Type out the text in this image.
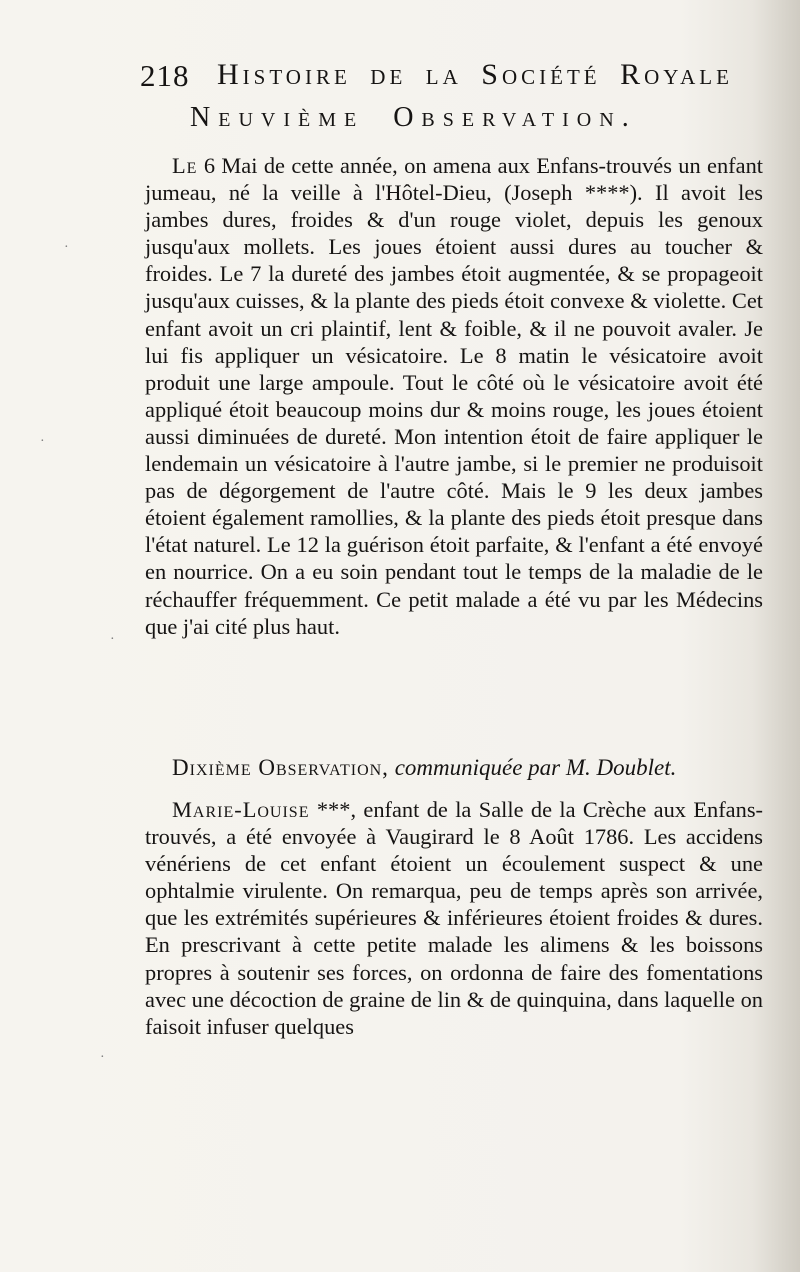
218 Histoire de la Société Royale
Neuvième Observation.

Le 6 Mai de cette année, on amena aux Enfans-trouvés un enfant jumeau, né la veille à l'Hôtel-Dieu, (Joseph ****). Il avoit les jambes dures, froides & d'un rouge violet, depuis les genoux jusqu'aux mollets. Les joues étoient aussi dures au toucher & froides. Le 7 la dureté des jambes étoit augmentée, & se propageoit jusqu'aux cuisses, & la plante des pieds étoit convexe & violette. Cet enfant avoit un cri plaintif, lent & foible, & il ne pouvoit avaler. Je lui fis appliquer un vésicatoire. Le 8 matin le vésicatoire avoit produit une large ampoule. Tout le côté où le vésicatoire avoit été appliqué étoit beaucoup moins dur & moins rouge, les joues étoient aussi diminuées de dureté. Mon intention étoit de faire appliquer le lendemain un vésicatoire à l'autre jambe, si le premier ne produisoit pas de dégorgement de l'autre côté. Mais le 9 les deux jambes étoient également ramollies, & la plante des pieds étoit presque dans l'état naturel. Le 12 la guérison étoit parfaite, & l'enfant a été envoyé en nourrice. On a eu soin pendant tout le temps de la maladie de le réchauffer fréquemment. Ce petit malade a été vu par les Médecins que j'ai cité plus haut.

Dixième Observation, communiquée par M. Doublet.

Marie-Louise ***, enfant de la Salle de la Crèche aux Enfans-trouvés, a été envoyée à Vaugirard le 8 Août 1786. Les accidens vénériens de cet enfant étoient un écoulement suspect & une ophtalmie virulente. On remarqua, peu de temps après son arrivée, que les extrémités supérieures & inférieures étoient froides & dures. En prescrivant à cette petite malade les alimens & les boissons propres à soutenir ses forces, on ordonna de faire des fomentations avec une décoction de graine de lin & de quinquina, dans laquelle on faisoit infuser quelques

·
·
·
·
